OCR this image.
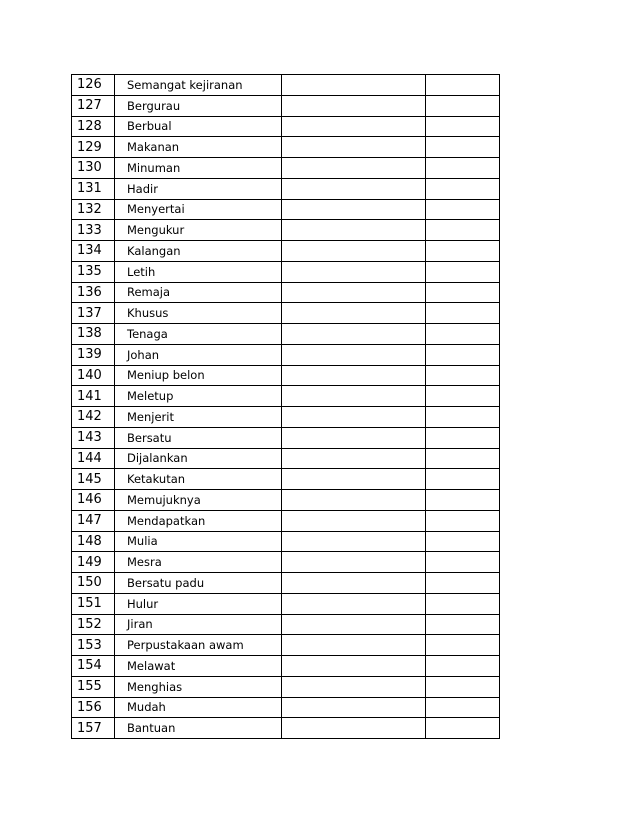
126	Semangat kejiranan		
127	Bergurau		
128	Berbual		
129	Makanan		
130	Minuman		
131	Hadir		
132	Menyertai		
133	Mengukur		
134	Kalangan		
135	Letih		
136	Remaja		
137	Khusus		
138	Tenaga		
139	Johan		
140	Meniup belon		
141	Meletup		
142	Menjerit		
143	Bersatu		
144	Dijalankan		
145	Ketakutan		
146	Memujuknya		
147	Mendapatkan		
148	Mulia		
149	Mesra		
150	Bersatu padu		
151	Hulur		
152	Jiran		
153	Perpustakaan awam		
154	Melawat		
155	Menghias		
156	Mudah		
157	Bantuan		
